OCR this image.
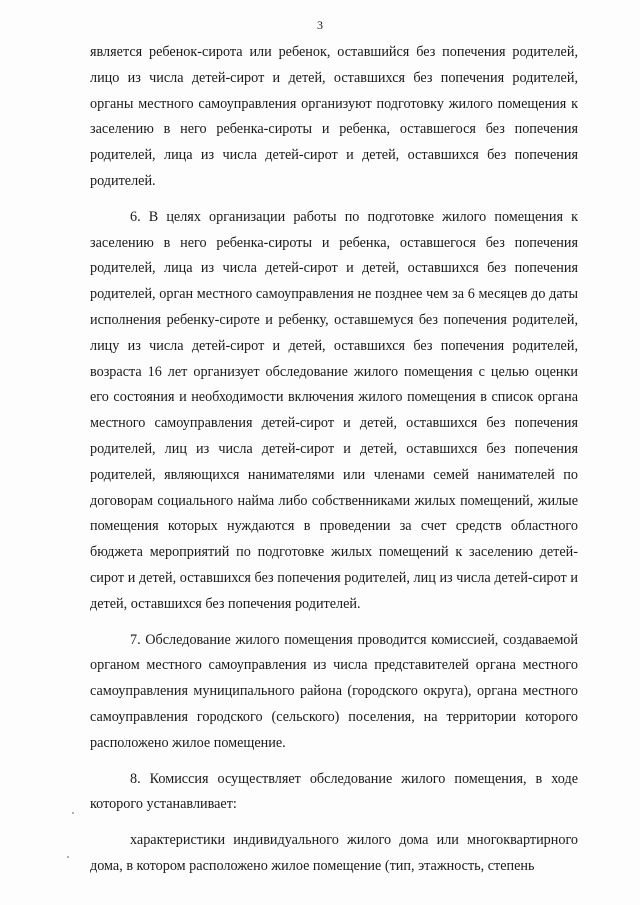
3

является ребенок-сирота или ребенок, оставшийся без попечения родителей, лицо из числа детей-сирот и детей, оставшихся без попечения родителей, органы местного самоуправления организуют подготовку жилого помещения к заселению в него ребенка-сироты и ребенка, оставшегося без попечения родителей, лица из числа детей-сирот и детей, оставшихся без попечения родителей.

6. В целях организации работы по подготовке жилого помещения к заселению в него ребенка-сироты и ребенка, оставшегося без попечения родителей, лица из числа детей-сирот и детей, оставшихся без попечения родителей, орган местного самоуправления не позднее чем за 6 месяцев до даты исполнения ребенку-сироте и ребенку, оставшемуся без попечения родителей, лицу из числа детей-сирот и детей, оставшихся без попечения родителей, возраста 16 лет организует обследование жилого помещения с целью оценки его состояния и необходимости включения жилого помещения в список органа местного самоуправления детей-сирот и детей, оставшихся без попечения родителей, лиц из числа детей-сирот и детей, оставшихся без попечения родителей, являющихся нанимателями или членами семей нанимателей по договорам социального найма либо собственниками жилых помещений, жилые помещения которых нуждаются в проведении за счет средств областного бюджета мероприятий по подготовке жилых помещений к заселению детей-сирот и детей, оставшихся без попечения родителей, лиц из числа детей-сирот и детей, оставшихся без попечения родителей.

7. Обследование жилого помещения проводится комиссией, создаваемой органом местного самоуправления из числа представителей органа местного самоуправления муниципального района (городского округа), органа местного самоуправления городского (сельского) поселения, на территории которого расположено жилое помещение.

8. Комиссия осуществляет обследование жилого помещения, в ходе которого устанавливает:

характеристики индивидуального жилого дома или многоквартирного дома, в котором расположено жилое помещение (тип, этажность, степень
